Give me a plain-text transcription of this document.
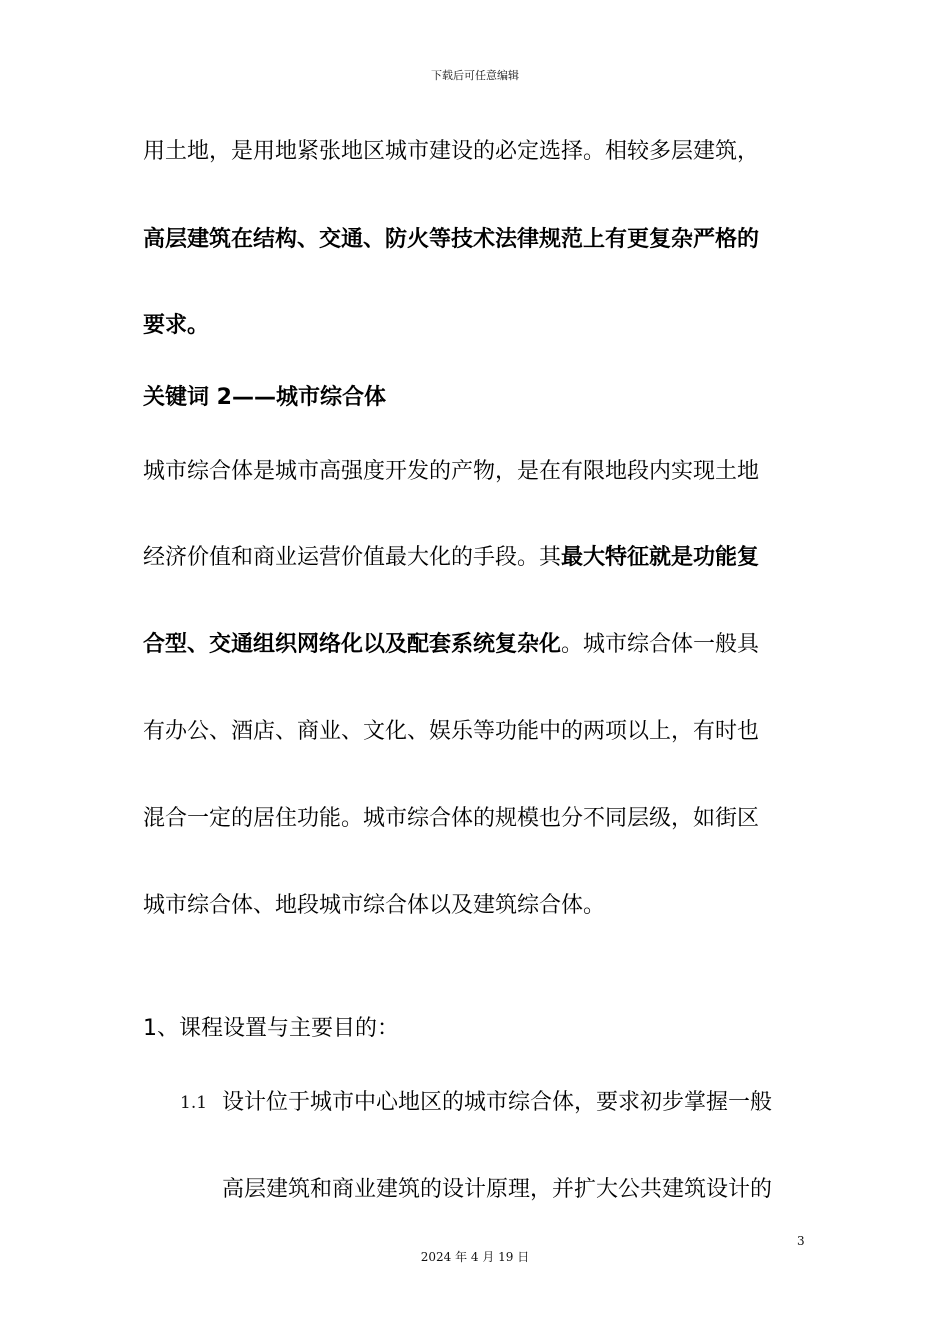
下载后可任意编辑
用土地，是用地紧张地区城市建设的必定选择。相较多层建筑，
高层建筑在结构、交通、防火等技术法律规范上有更复杂严格的
要求。
关键词 2——城市综合体
城市综合体是城市高强度开发的产物，是在有限地段内实现土地
经济价值和商业运营价值最大化的手段。其最大特征就是功能复
合型、交通组织网络化以及配套系统复杂化。城市综合体一般具
有办公、酒店、商业、文化、娱乐等功能中的两项以上，有时也
混合一定的居住功能。城市综合体的规模也分不同层级，如街区
城市综合体、地段城市综合体以及建筑综合体。
1、课程设置与主要目的：
1.1 设计位于城市中心地区的城市综合体，要求初步掌握一般
高层建筑和商业建筑的设计原理，并扩大公共建筑设计的
3
2024 年 4 月 19 日
